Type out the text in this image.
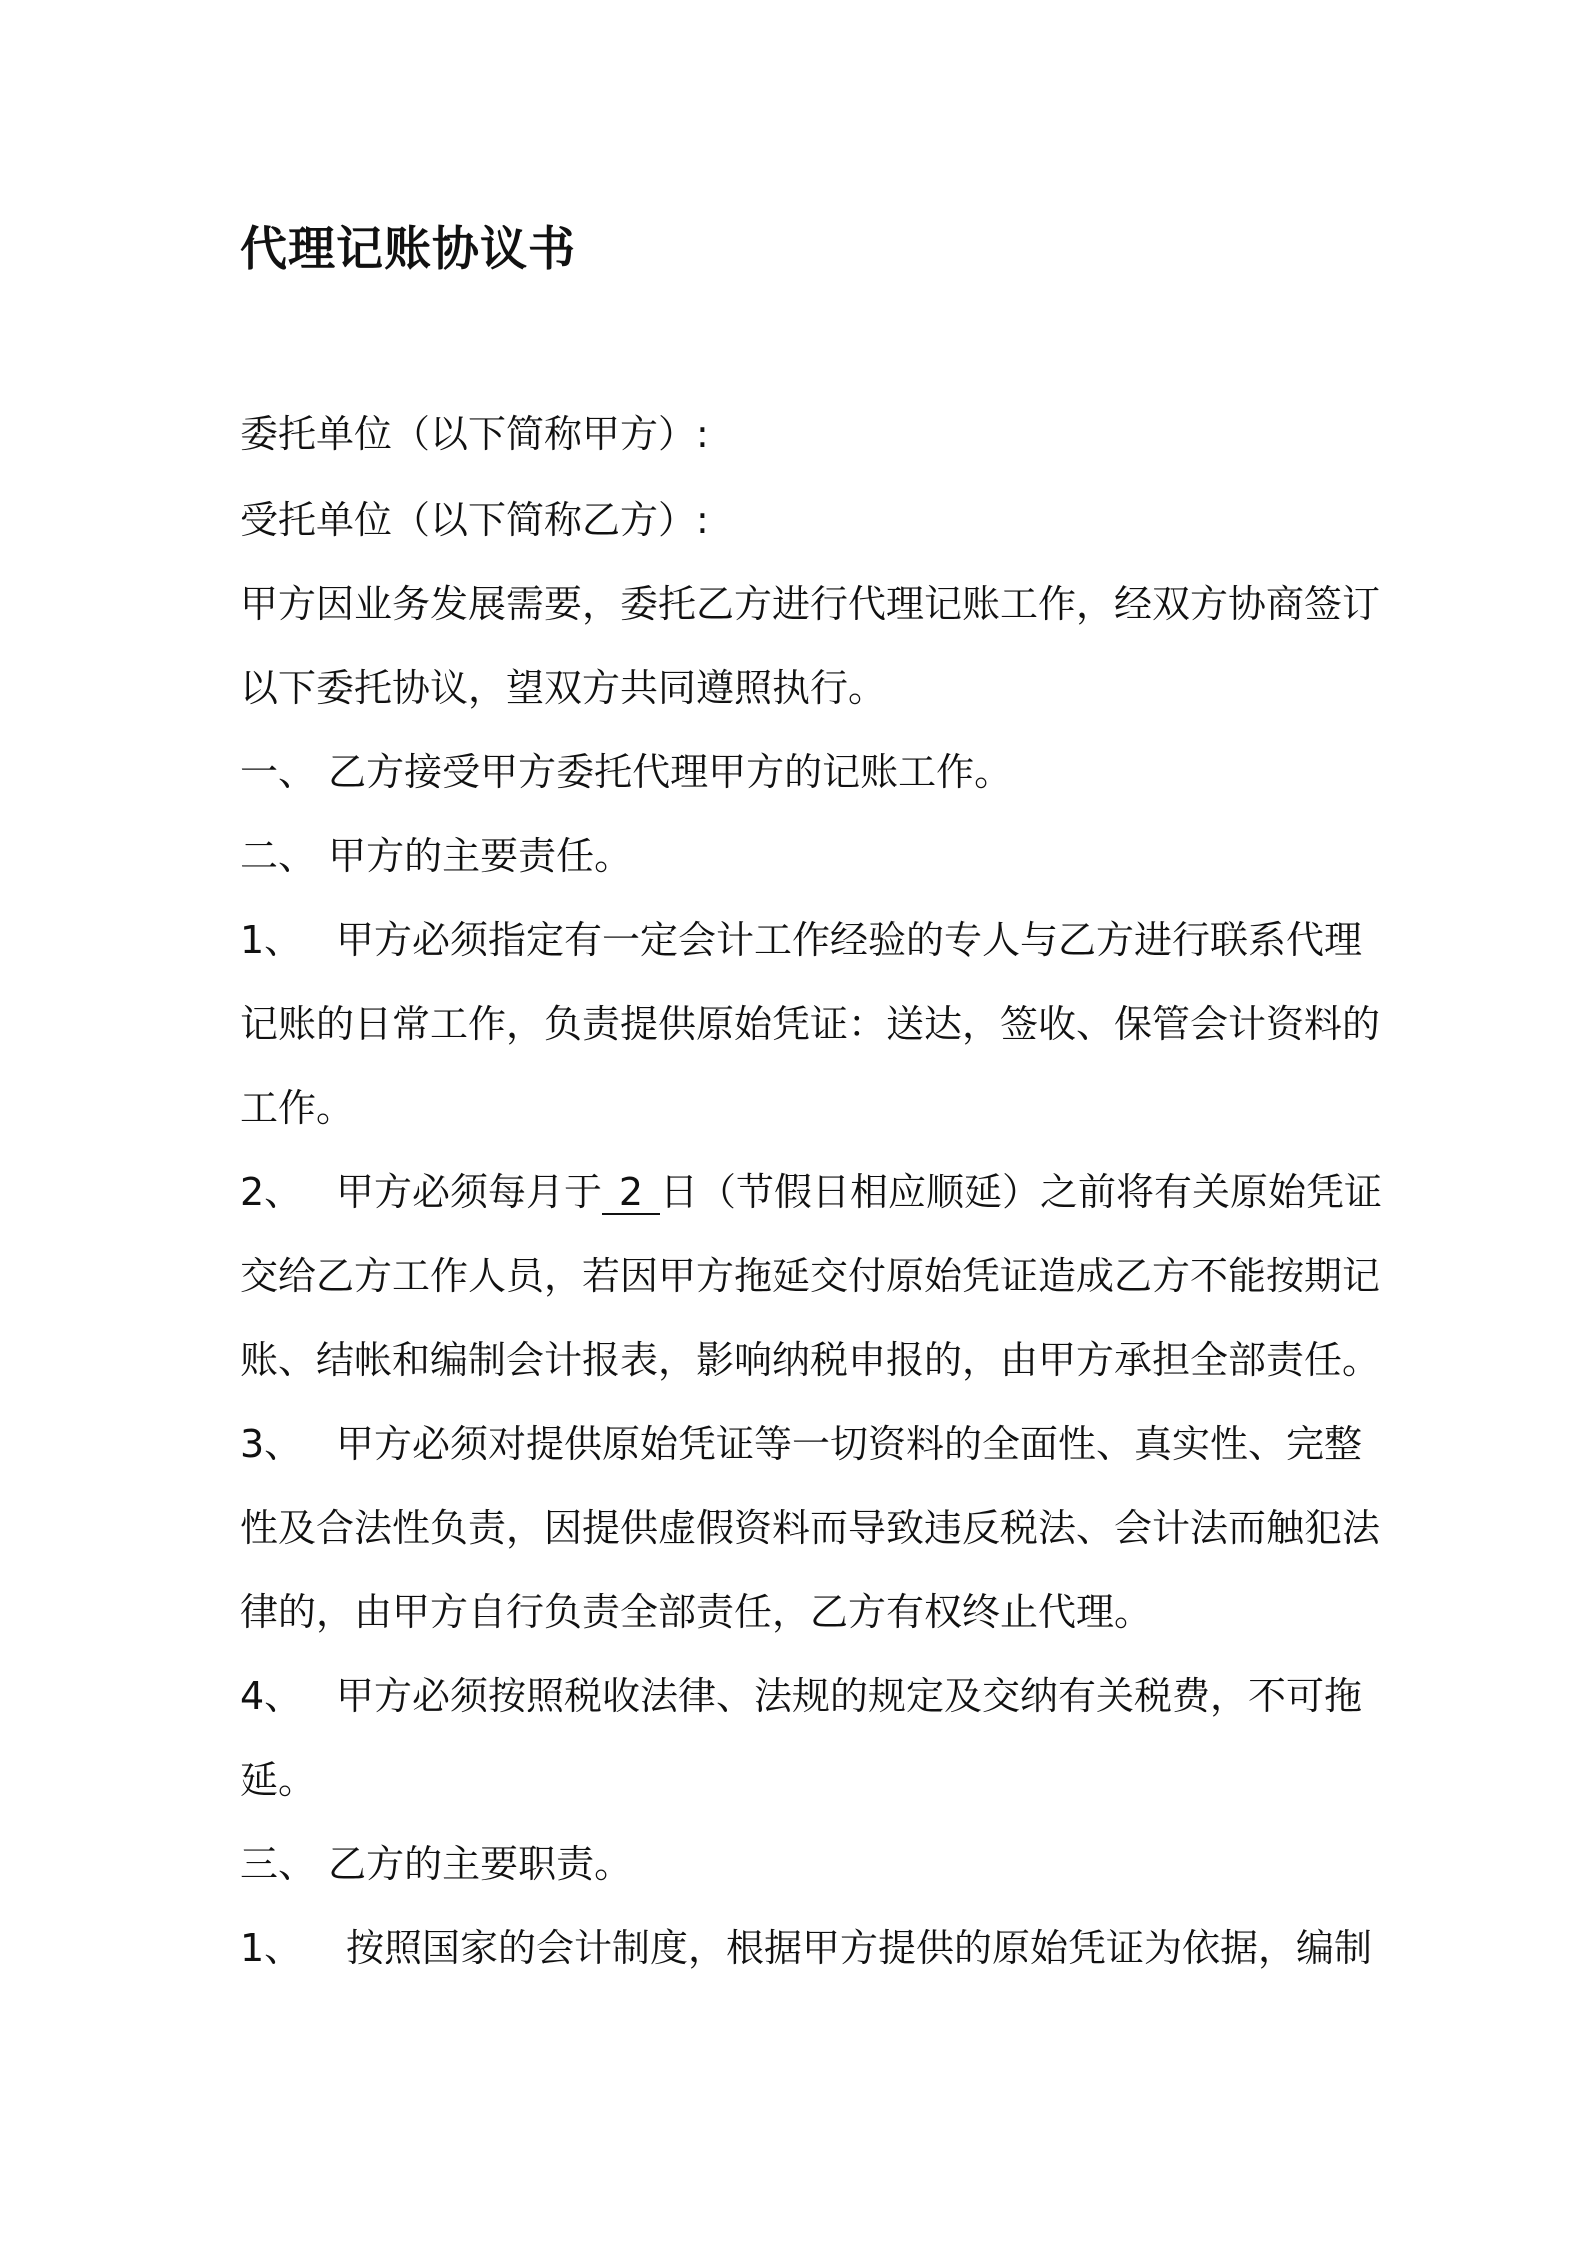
代理记账协议书
委托单位（以下简称甲方）:
受托单位（以下简称乙方）:
甲方因业务发展需要，委托乙方进行代理记账工作，经双方协商签订
以下委托协议，望双方共同遵照执行。
一、 乙方接受甲方委托代理甲方的记账工作。
二、 甲方的主要责任。
1、 甲方必须指定有一定会计工作经验的专人与乙方进行联系代理
记账的日常工作，负责提供原始凭证：送达，签收、保管会计资料的
工作。
2、 甲方必须每月于 2 日（节假日相应顺延）之前将有关原始凭证
交给乙方工作人员，若因甲方拖延交付原始凭证造成乙方不能按期记
账、结帐和编制会计报表，影响纳税申报的，由甲方承担全部责任。
3、 甲方必须对提供原始凭证等一切资料的全面性、真实性、完整
性及合法性负责，因提供虚假资料而导致违反税法、会计法而触犯法
律的，由甲方自行负责全部责任，乙方有权终止代理。
4、 甲方必须按照税收法律、法规的规定及交纳有关税费，不可拖
延。
三、 乙方的主要职责。
1、 按照国家的会计制度，根据甲方提供的原始凭证为依据，编制
